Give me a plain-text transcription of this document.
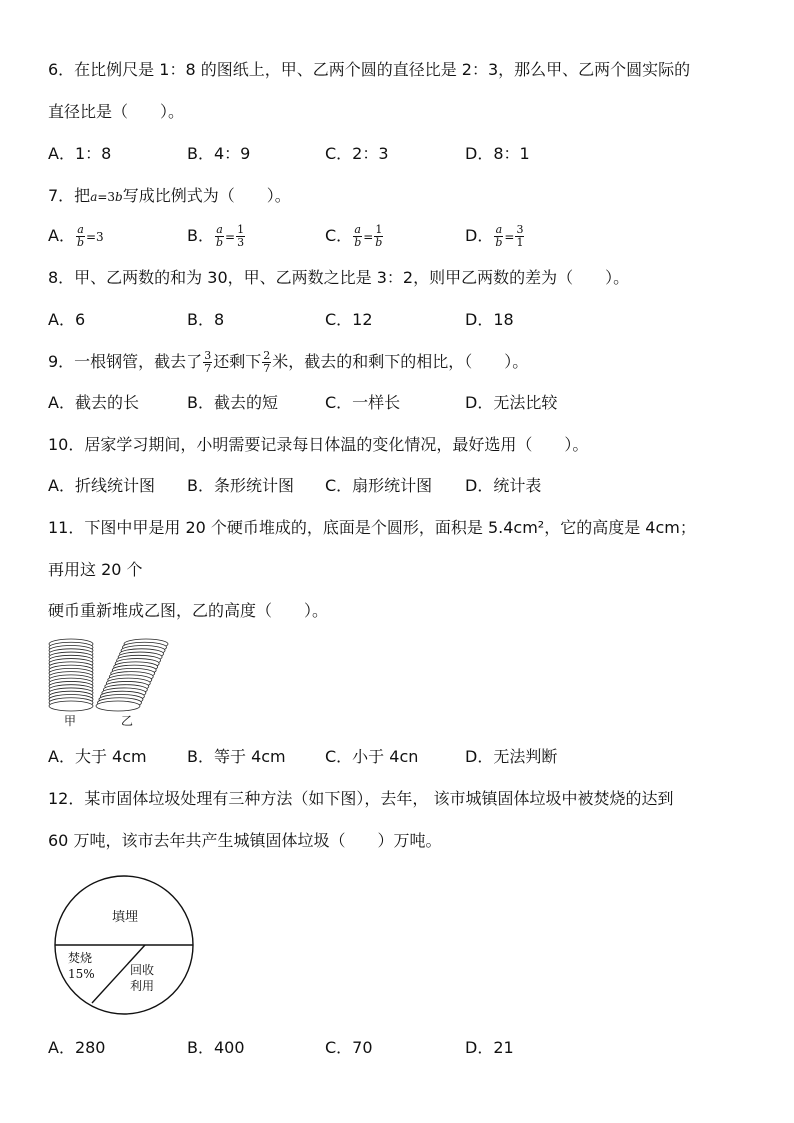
6．在比例尺是 1：8 的图纸上，甲、乙两个圆的直径比是 2：3，那么甲、乙两个圆实际的
直径比是（　　）。
A．1：8	B．4：9	C．2：3	D．8：1
7．把a=3b写成比例式为（　　）。
A． $\frac{a}{b} =3$	B． $\frac{a}{b} = \frac{1}{3}$	C． $\frac{a}{b} = \frac{1}{b}$	D． $\frac{a}{b} = \frac{3}{1}$
8．甲、乙两数的和为 30，甲、乙两数之比是 3：2，则甲乙两数的差为（　　）。
A．6	B．8	C．12	D．18
9．一根钢管，截去了 $\frac{3}{7}$ 还剩下 $\frac{2}{7}$ 米，截去的和剩下的相比，（　　）。
A．截去的长	B．截去的短	C．一样长	D．无法比较
10．居家学习期间，小明需要记录每日体温的变化情况，最好选用（　　）。
A．折线统计图 B．条形统计图 C．扇形统计图 D．统计表
11．下图中甲是用 20 个硬币堆成的，底面是个圆形，面积是 5.4cm²，它的高度是 4cm；
再用这 20 个
硬币重新堆成乙图，乙的高度（　　）。
甲	乙
A．大于 4cm	B．等于 4cm C．小于 4cn	D．无法判断
12．某市固体垃圾处理有三种方法（如下图），去年， 该市城镇固体垃圾中被焚烧的达到
60 万吨，该市去年共产生城镇固体垃圾（　　）万吨。
填埋
焚烧
15%	回收
利用
A．280	B．400	C．70	D．21
